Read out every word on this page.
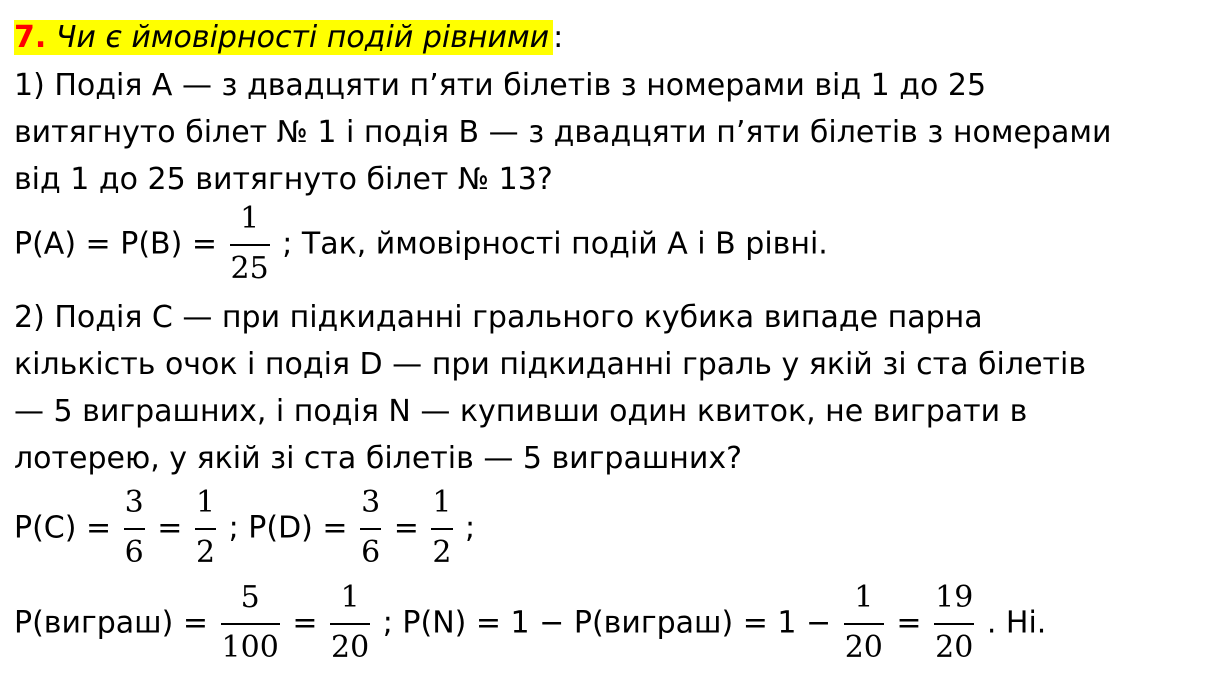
7. Чи є ймовірності подій рівними :
1) Подія А — з двадцяти п’яти білетів з номерами від 1 до 25
витягнуто білет № 1 і подія В — з двадцяти п’яти білетів з номерами
від 1 до 25 витягнуто білет № 13?
$P(A) = P(B) = \frac{1}{25}$ ; Так, ймовірності подій А і В рівні.
2) Подія С — при підкиданні грального кубика випаде парна
кількість очок і подія D — при підкиданні граль у якій зі ста білетів
— 5 виграшних, і подія N — купивши один квиток, не виграти в
лотерею, у якій зі ста білетів — 5 виграшних?
$P(C) = \frac{3}{6} = \frac{1}{2}$ ; $P(D) = \frac{3}{6} = \frac{1}{2}$ ;
P(виграш) = $\frac{5}{100} = \frac{1}{20}$ ; P(N) = 1 − P(виграш) = $1 - \frac{1}{20} = \frac{19}{20}$ . Ні.
